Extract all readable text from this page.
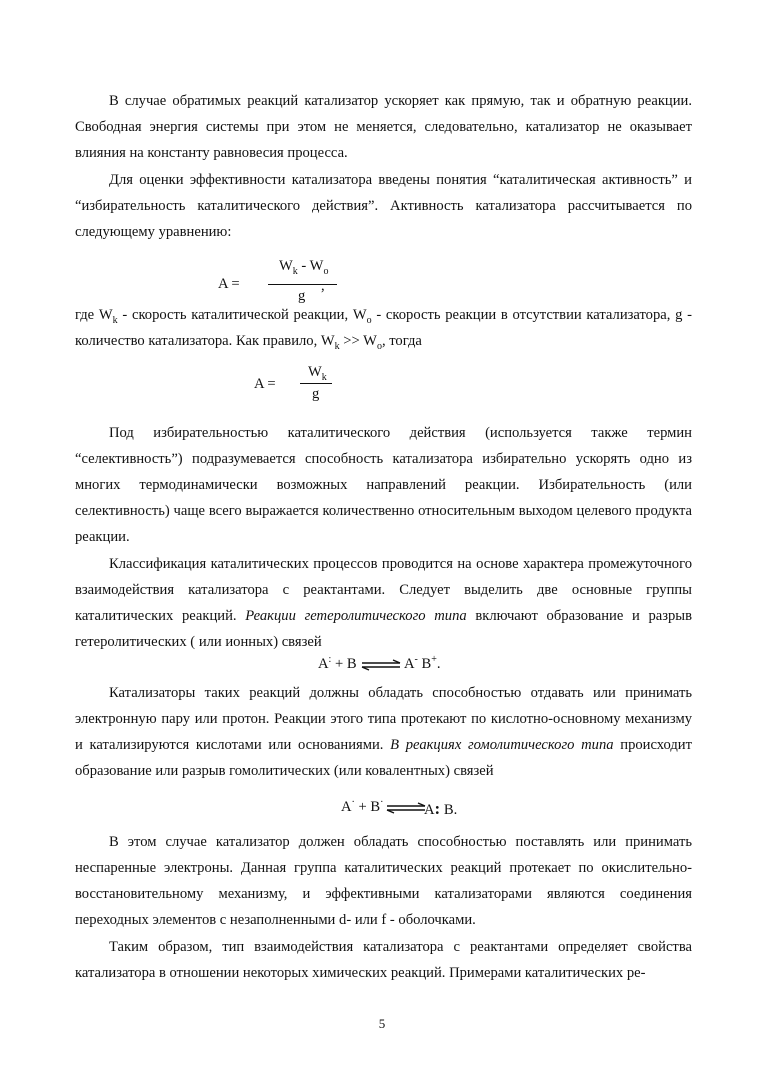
В случае обратимых реакций катализатор ускоряет как прямую, так и обратную реакции. Свободная энергия системы при этом не меняется, следовательно, катализатор не оказывает влияния на константу равновесия процесса.

Для оценки эффективности катализатора введены понятия “каталитическая активность” и “избирательность каталитического действия”. Активность катализатора рассчитывается по следующему уравнению:

A =
$W_k - W_o$
g
,

где $W_k$ - скорость каталитической реакции, $W_o$ - скорость реакции в отсутствии катализатора, g - количество катализатора. Как правило, $W_k >> W_o$, тогда

A =
$W_k$
g

Под избирательностью каталитического действия (используется также термин “селективность”) подразумевается способность катализатора избирательно ускорять одно из многих термодинамически возможных направлений реакции. Избирательность (или селективность) чаще всего выражается количественно относительным выходом целевого продукта реакции.

Классификация каталитических процессов проводится на основе характера промежуточного взаимодействия катализатора с реактантами. Следует выделить две основные группы каталитических реакций. Реакции гетеролитического типа включают образование и разрыв гетеролитических ( или ионных) связей

A: + B ⇌ A- B+.

Катализаторы таких реакций должны обладать способностью отдавать или принимать электронную пару или протон. Реакции этого типа протекают по кислотно-основному механизму и катализируются кислотами или основаниями. В реакциях гомолитического типа происходит образование или разрыв гомолитических (или ковалентных) связей

A· + B· ⇌ A: B.

В этом случае катализатор должен обладать способностью поставлять или принимать неспаренные электроны. Данная группа каталитических реакций протекает по окислительно-восстановительному механизму, и эффективными катализаторами являются соединения переходных элементов с незаполненными d- или f - оболочками.

Таким образом, тип взаимодействия катализатора с реактантами определяет свойства катализатора в отношении некоторых химических реакций. Примерами каталитических ре-

5
